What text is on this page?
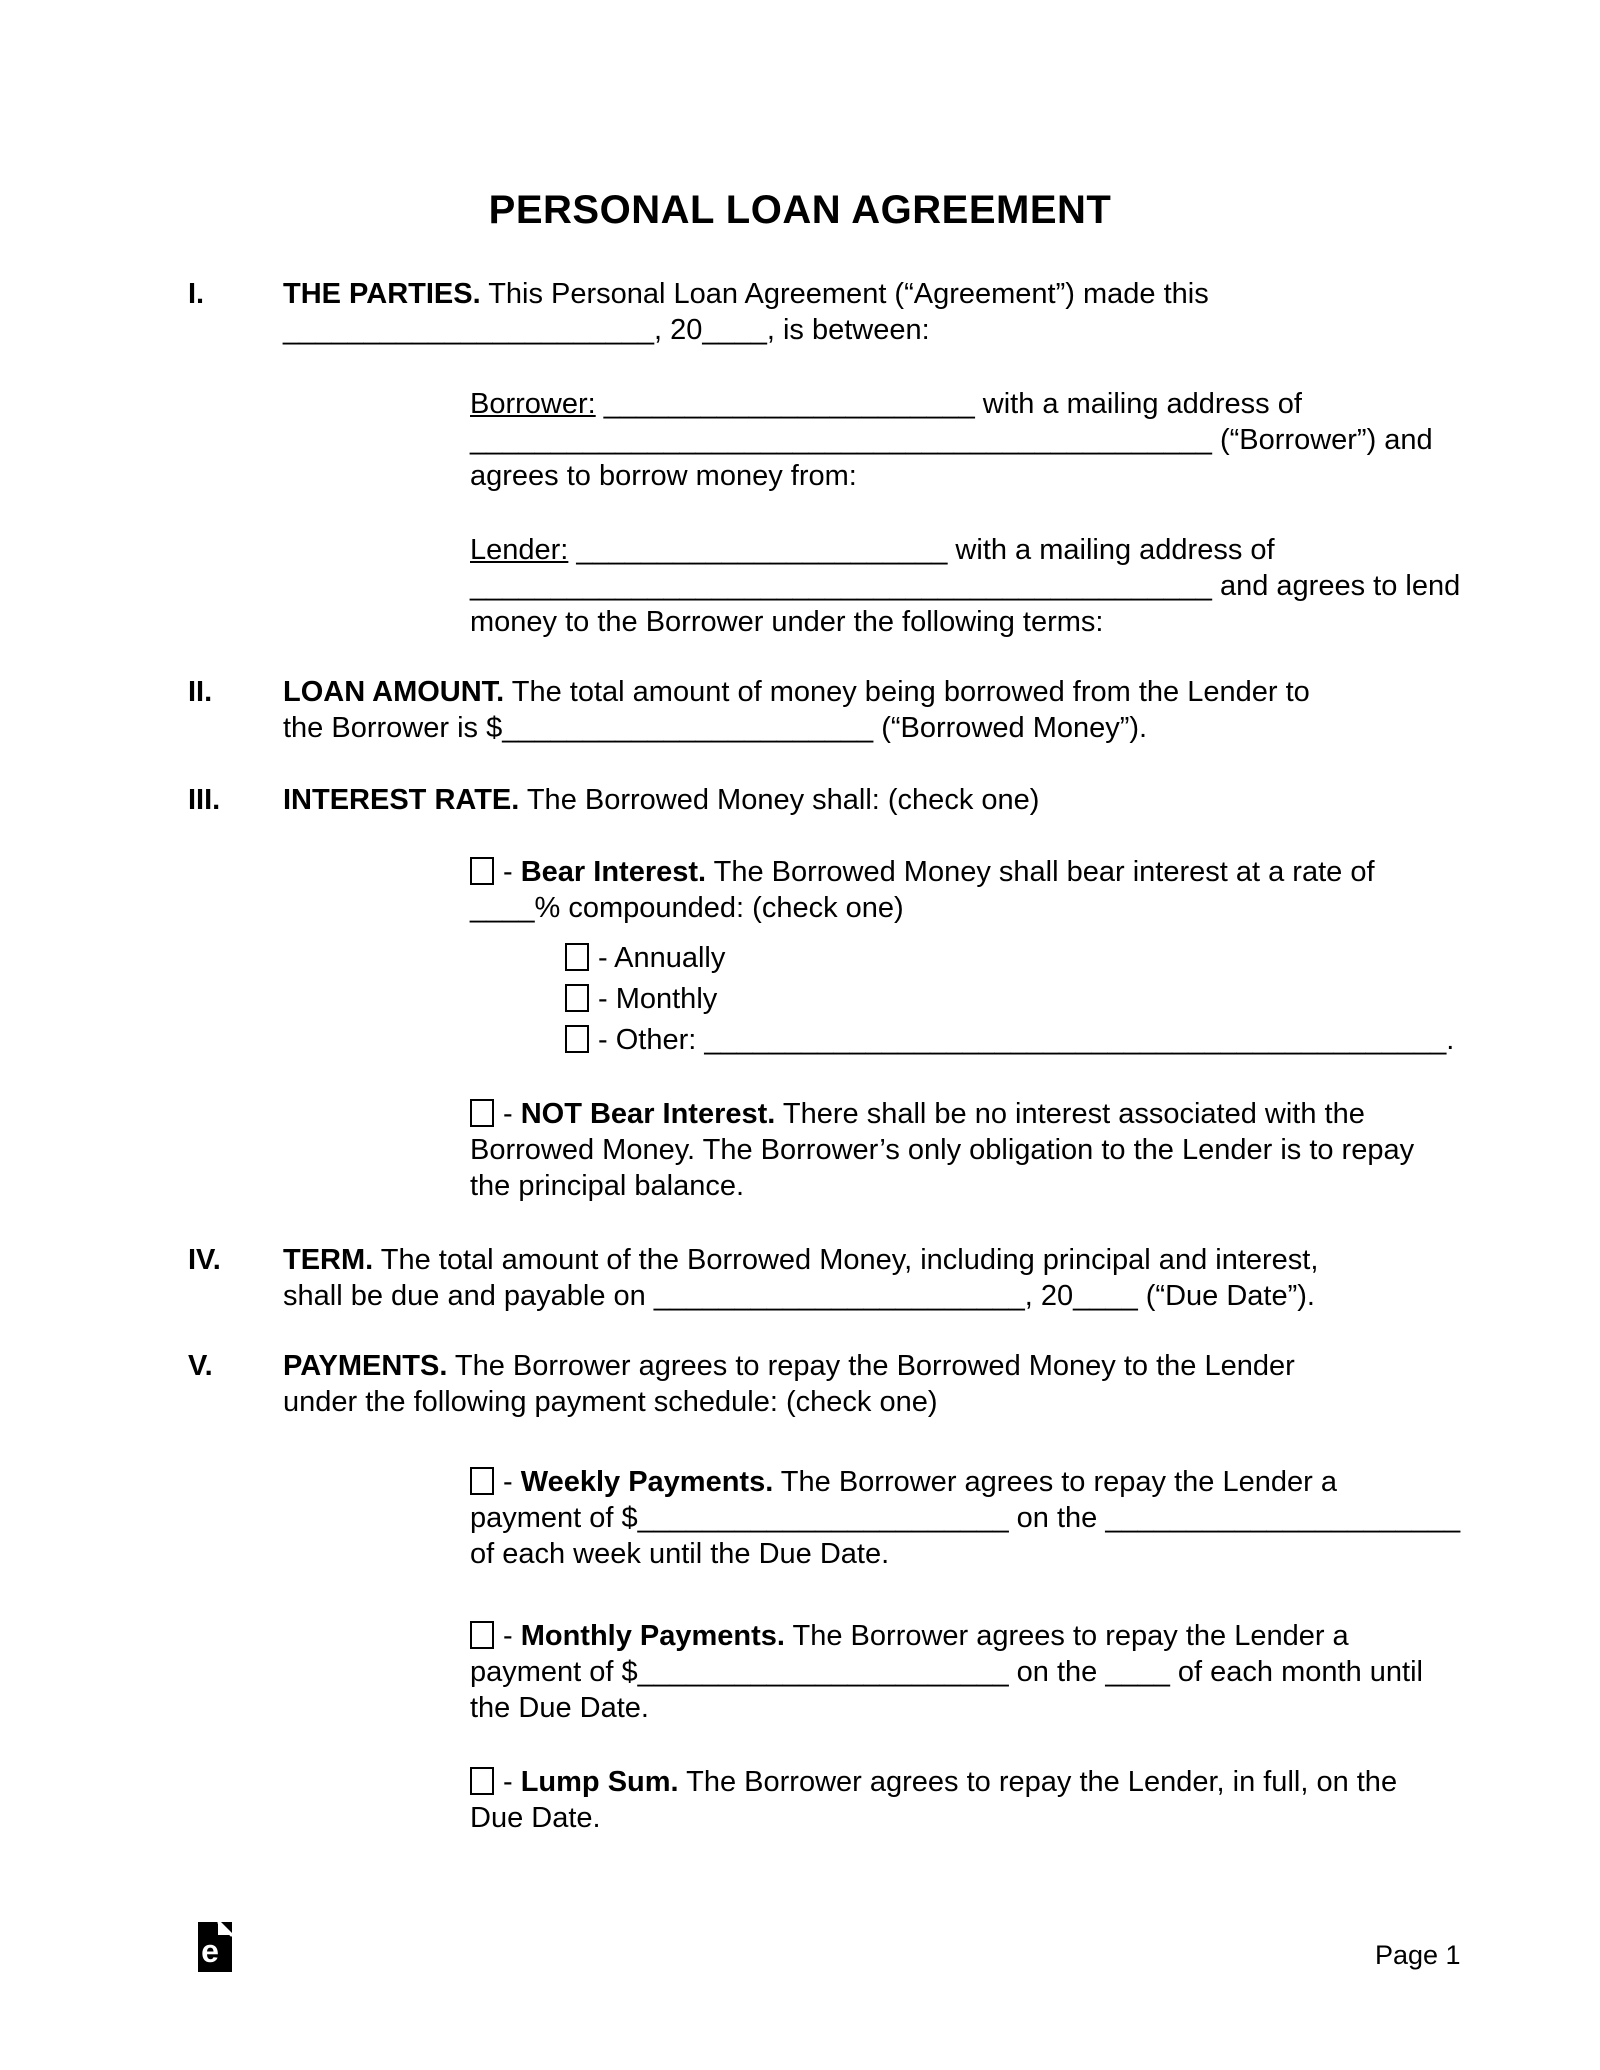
PERSONAL LOAN AGREEMENT
I.	THE PARTIES. This Personal Loan Agreement (“Agreement”) made this
_______________________, 20____, is between:
Borrower: _______________________ with a mailing address of
______________________________________________ (“Borrower”) and
agrees to borrow money from:
Lender: _______________________ with a mailing address of
______________________________________________ and agrees to lend
money to the Borrower under the following terms:
II. LOAN AMOUNT. The total amount of money being borrowed from the Lender to
the Borrower is $_______________________ (“Borrowed Money”).
III. INTEREST RATE. The Borrowed Money shall: (check one)
- Bear Interest. The Borrowed Money shall bear interest at a rate of
____% compounded: (check one)
- Annually
- Monthly
- Other: ______________________________________________.
- NOT Bear Interest. There shall be no interest associated with the
Borrowed Money. The Borrower’s only obligation to the Lender is to repay
the principal balance.
IV. TERM. The total amount of the Borrowed Money, including principal and interest,
shall be due and payable on _______________________, 20____ (“Due Date”).
V. PAYMENTS. The Borrower agrees to repay the Borrowed Money to the Lender
under the following payment schedule: (check one)
- Weekly Payments. The Borrower agrees to repay the Lender a
payment of $_______________________ on the ______________________
of each week until the Due Date.
- Monthly Payments. The Borrower agrees to repay the Lender a
payment of $_______________________ on the ____ of each month until
the Due Date.
- Lump Sum. The Borrower agrees to repay the Lender, in full, on the
Due Date.
e	Page 1
